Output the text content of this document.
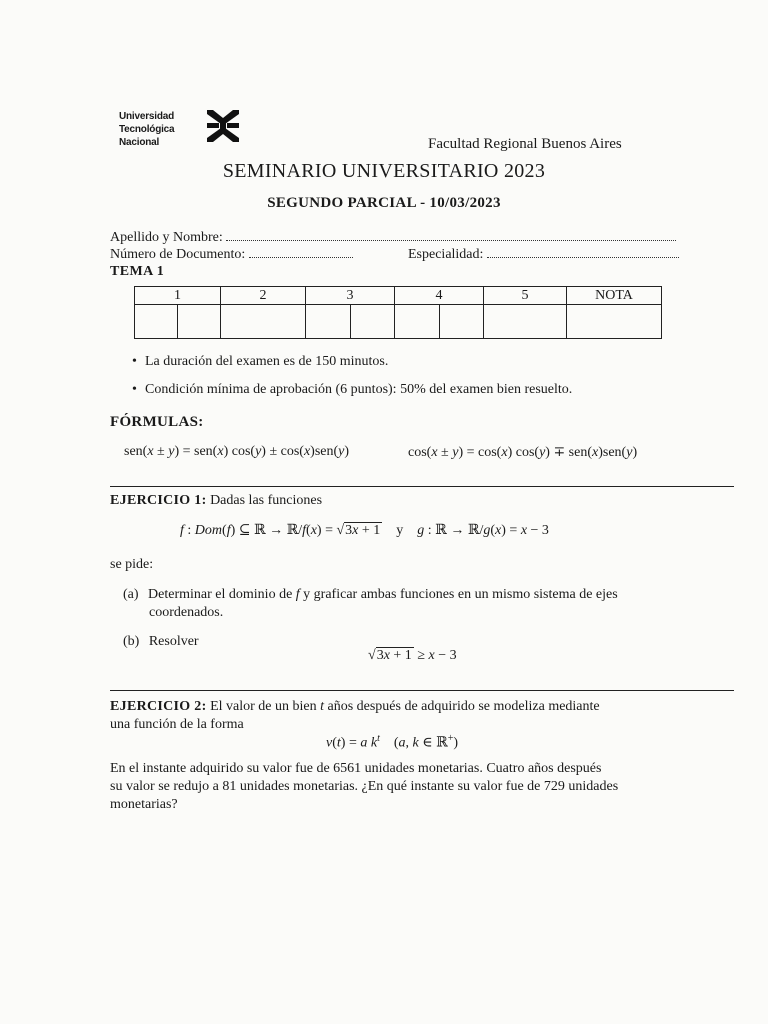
Universidad
Tecnológica
Nacional	Facultad Regional Buenos Aires
SEMINARIO UNIVERSITARIO 2023
SEGUNDO PARCIAL - 10/03/2023
Apellido y Nombre:
Número de Documento:	Especialidad:
TEMA 1
1		2	3		4		5	NOTA

• La duración del examen es de 150 minutos.
• Condición mínima de aprobación (6 puntos): 50% del examen bien resuelto.
FÓRMULAS:
sen(x ± y) = sen(x) cos(y) ± cos(x)sen(y)	cos(x ± y) = cos(x) cos(y) ∓ sen(x)sen(y)
EJERCICIO 1: Dadas las funciones
f : Dom(f) ⊆ ℝ → ℝ/f(x) = √3x + 1    y    g : ℝ → ℝ/g(x) = x − 3
se pide:
(a) Determinar el dominio de f y graficar ambas funciones en un mismo sistema de ejes
coordenados.
(b) Resolver
√3x + 1 ≥ x − 3
EJERCICIO 2: El valor de un bien t años después de adquirido se modeliza mediante
una función de la forma
v(t) = a $k^t$    (a, k ∈ ℝ+)
En el instante adquirido su valor fue de 6561 unidades monetarias. Cuatro años después
su valor se redujo a 81 unidades monetarias. ¿En qué instante su valor fue de 729 unidades
monetarias?
